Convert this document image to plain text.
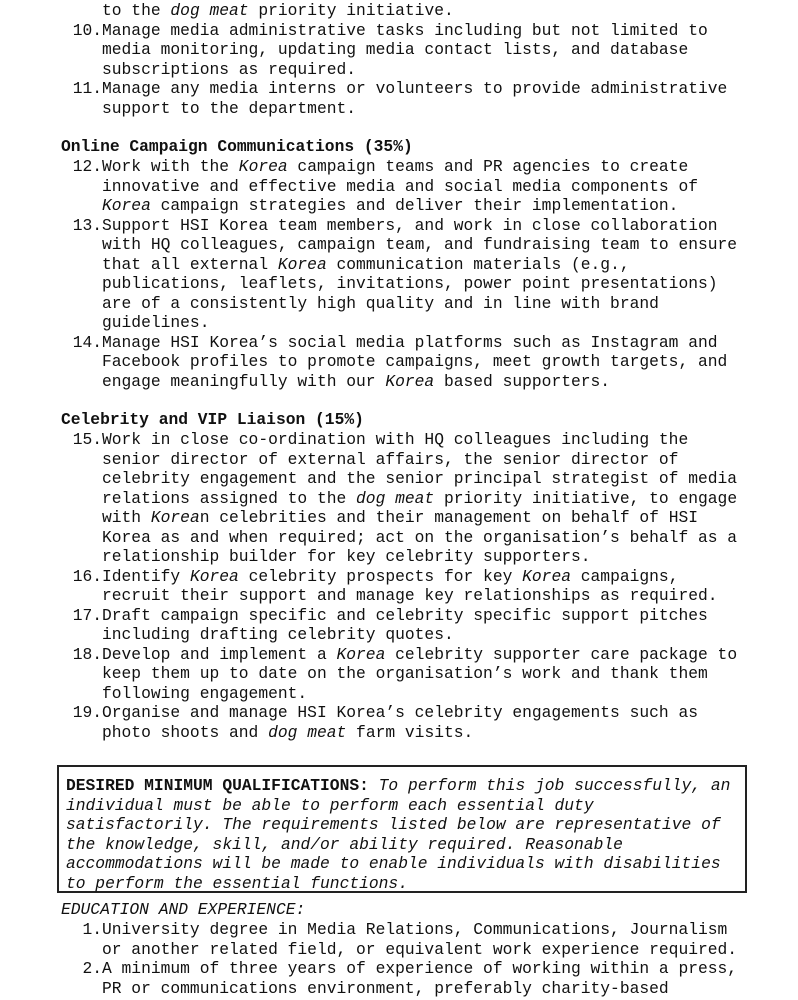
to the dog meat priority initiative.
10. Manage media administrative tasks including but not limited to
media monitoring, updating media contact lists, and database
subscriptions as required.
11. Manage any media interns or volunteers to provide administrative
support to the department.
Online Campaign Communications (35%)
12. Work with the Korea campaign teams and PR agencies to create
innovative and effective media and social media components of
Korea campaign strategies and deliver their implementation.
13. Support HSI Korea team members, and work in close collaboration
with HQ colleagues, campaign team, and fundraising team to ensure
that all external Korea communication materials (e.g.,
publications, leaflets, invitations, power point presentations)
are of a consistently high quality and in line with brand
guidelines.
14. Manage HSI Korea’s social media platforms such as Instagram and
Facebook profiles to promote campaigns, meet growth targets, and
engage meaningfully with our Korea based supporters.
Celebrity and VIP Liaison (15%)
15. Work in close co-ordination with HQ colleagues including the
senior director of external affairs, the senior director of
celebrity engagement and the senior principal strategist of media
relations assigned to the dog meat priority initiative, to engage
with Korean celebrities and their management on behalf of HSI
Korea as and when required; act on the organisation’s behalf as a
relationship builder for key celebrity supporters.
16. Identify Korea celebrity prospects for key Korea campaigns,
recruit their support and manage key relationships as required.
17. Draft campaign specific and celebrity specific support pitches
including drafting celebrity quotes.
18. Develop and implement a Korea celebrity supporter care package to
keep them up to date on the organisation’s work and thank them
following engagement.
19. Organise and manage HSI Korea’s celebrity engagements such as
photo shoots and dog meat farm visits.
DESIRED MINIMUM QUALIFICATIONS: To perform this job successfully, an
individual must be able to perform each essential duty
satisfactorily. The requirements listed below are representative of
the knowledge, skill, and/or ability required. Reasonable
accommodations will be made to enable individuals with disabilities
to perform the essential functions.
EDUCATION AND EXPERIENCE:
1. University degree in Media Relations, Communications, Journalism
or another related field, or equivalent work experience required.
2. A minimum of three years of experience of working within a press,
PR or communications environment, preferably charity-based
